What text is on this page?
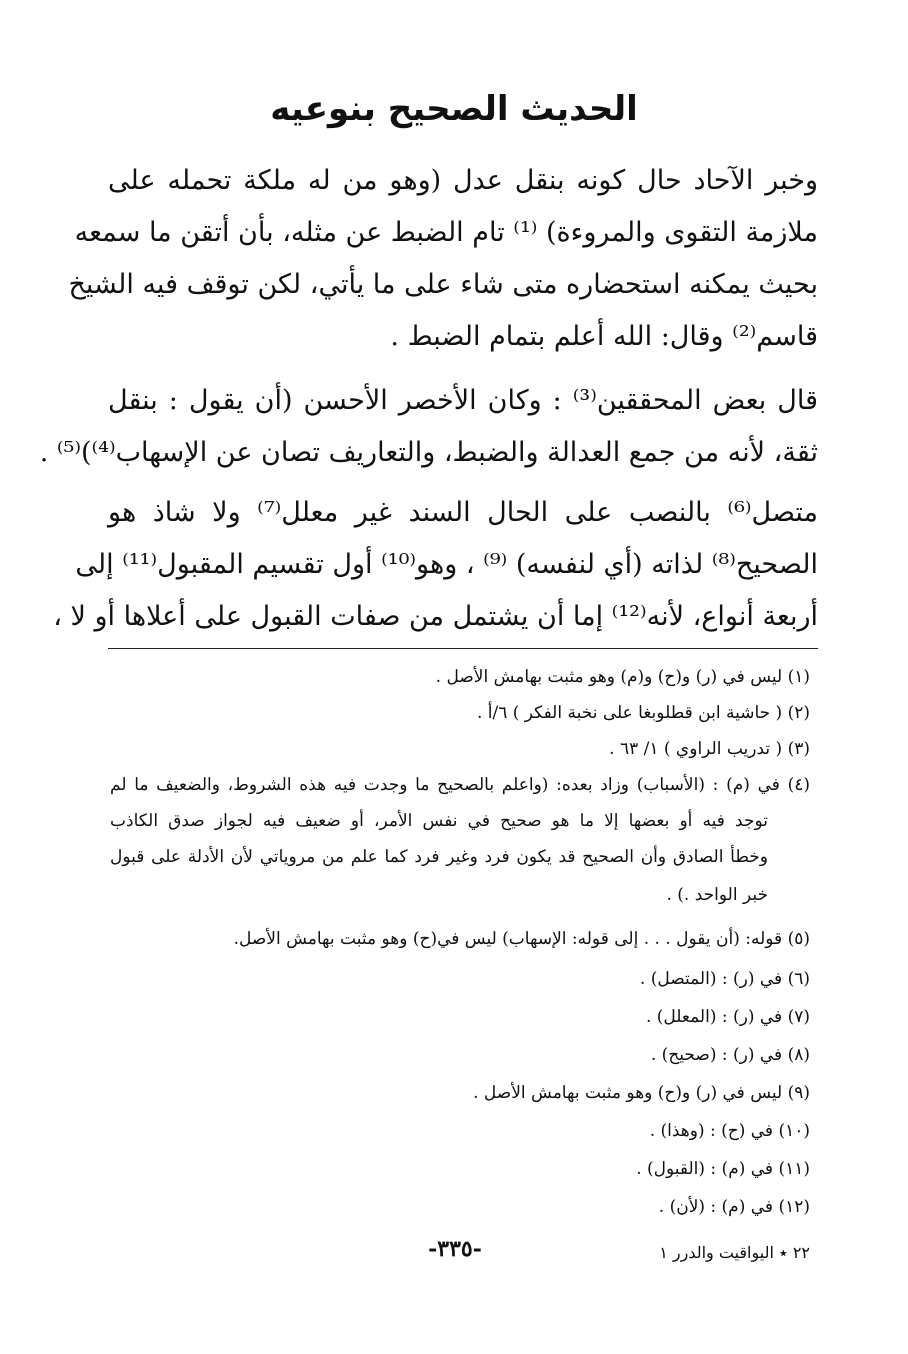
الحديث الصحيح بنوعيه
وخبر الآحاد حال كونه بنقل عدل (وهو من له ملكة تحمله على
ملازمة التقوى والمروءة) ⁽¹⁾ تام الضبط عن مثله، بأن أتقن ما سمعه
بحيث يمكنه استحضاره متى شاء على ما يأتي، لكن توقف فيه الشيخ
قاسم⁽²⁾ وقال: الله أعلم بتمام الضبط .
قال بعض المحققين⁽³⁾ : وكان الأخصر الأحسن (أن يقول : بنقل
ثقة، لأنه من جمع العدالة والضبط، والتعاريف تصان عن الإسهاب⁽⁴⁾)⁽⁵⁾ .
متصل⁽⁶⁾ بالنصب على الحال السند غير معلل⁽⁷⁾ ولا شاذ هو
الصحيح⁽⁸⁾ لذاته (أي لنفسه) ⁽⁹⁾ ، وهو⁽¹⁰⁾ أول تقسيم المقبول⁽¹¹⁾ إلى
أربعة أنواع، لأنه⁽¹²⁾ إما أن يشتمل من صفات القبول على أعلاها أو لا ،
(١) ليس في (ر) و(ح) و(م) وهو مثبت بهامش الأصل .
(٢) ( حاشية ابن قطلوبغا على نخبة الفكر ) ٦/أ .
(٣) ( تدريب الراوي ) ١/ ٦٣ .
(٤) في (م) : (الأسباب) وزاد بعده: (واعلم بالصحيح ما وجدت فيه هذه الشروط، والضعيف ما لم
توجد فيه أو بعضها إلا ما هو صحيح في نفس الأمر، أو ضعيف فيه لجواز صدق الكاذب
وخطأ الصادق وأن الصحيح قد يكون فرد وغير فرد كما علم من مروياتي لأن الأدلة على قبول
خبر الواحد .) .
(٥) قوله: (أن يقول . . . إلى قوله: الإسهاب) ليس في(ح) وهو مثبت بهامش الأصل.
(٦) في (ر) : (المتصل) .
(٧) في (ر) : (المعلل) .
(٨) في (ر) : (صحيح) .
(٩) ليس في (ر) و(ح) وهو مثبت بهامش الأصل .
(١٠) في (ح) : (وهذا) .
(١١) في (م) : (القبول) .
(١٢) في (م) : (لأن) .
-٣٣٥-	٢٢ ٭ اليواقيت والدرر ١
